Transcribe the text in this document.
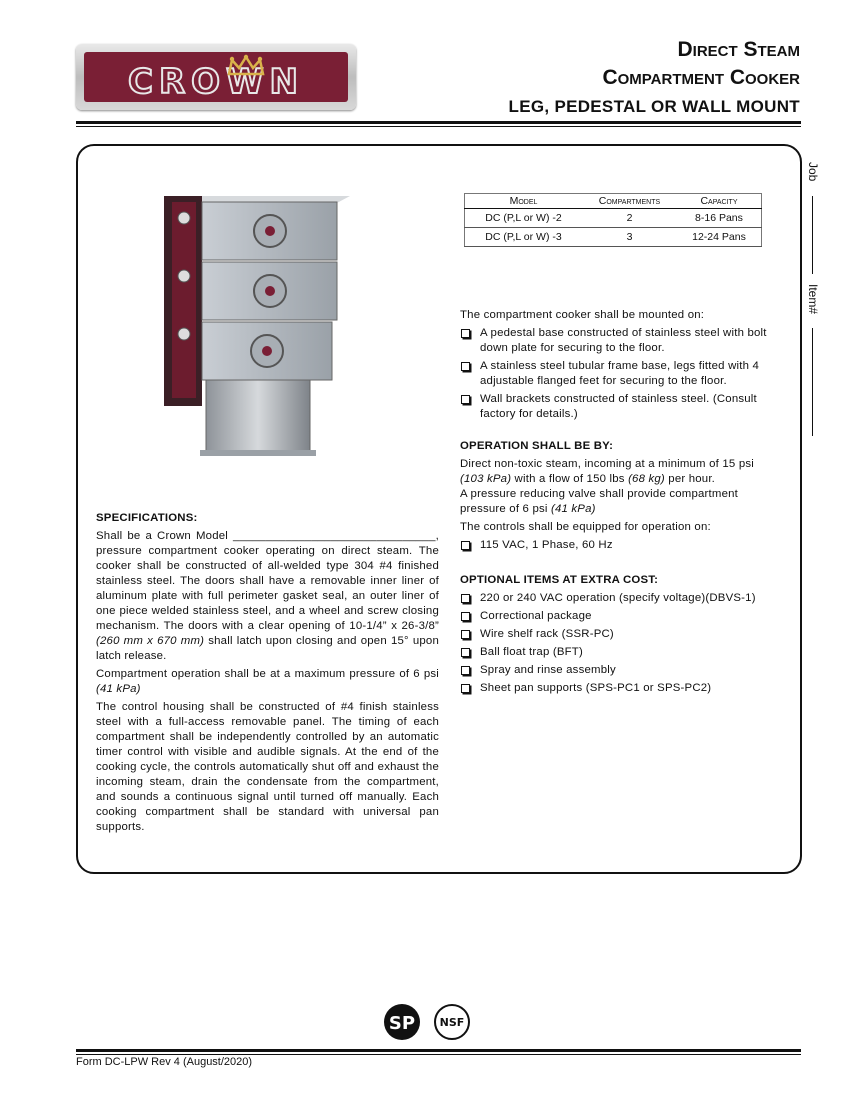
CROWN
Direct Steam
Compartment Cooker
LEG, PEDESTAL OR WALL MOUNT
Job
Item#
Model	Compartments	Capacity
DC (P,L or W) -2	2	8-16 Pans
DC (P,L or W) -3	3	12-24 Pans
The compartment cooker shall be mounted on:
A pedestal base constructed of stainless steel with bolt down plate for securing to the floor.
A stainless steel tubular frame base, legs fitted with 4 adjustable flanged feet for securing to the floor.
Wall brackets constructed of stainless steel. (Consult factory for details.)
OPERATION SHALL BE BY:
Direct non-toxic steam, incoming at a minimum of 15 psi (103 kPa) with a flow of 150 lbs (68 kg) per hour.
A pressure reducing valve shall provide compartment pressure of 6 psi (41 kPa)
The controls shall be equipped for operation on:
115 VAC, 1 Phase, 60 Hz
OPTIONAL ITEMS AT EXTRA COST:
220 or 240 VAC operation (specify voltage)(DBVS-1)
Correctional package
Wire shelf rack (SSR-PC)
Ball float trap (BFT)
Spray and rinse assembly
Sheet pan supports (SPS-PC1 or SPS-PC2)
SPECIFICATIONS:
Shall be a Crown Model _______________________________, pressure compartment cooker operating on direct steam. The cooker shall be constructed of all-welded type 304 #4 finished stainless steel. The doors shall have a removable inner liner of aluminum plate with full perimeter gasket seal, an outer liner of one piece welded stainless steel, and a wheel and screw closing mechanism. The doors with a clear opening of 10-1/4” x 26-3/8” (260 mm x 670 mm) shall latch upon closing and open 15° upon latch release.
Compartment operation shall be at a maximum pressure of 6 psi (41 kPa)
The control housing shall be constructed of #4 finish stainless steel with a full-access removable panel. The timing of each compartment shall be independently controlled by an automatic timer control with visible and audible signals. At the end of the cooking cycle, the controls automatically shut off and exhaust the incoming steam, drain the condensate from the compartment, and sounds a continuous signal until turned off manually. Each cooking compartment shall be standard with universal pan supports.
SP NSF
Form DC-LPW Rev 4 (August/2020)
